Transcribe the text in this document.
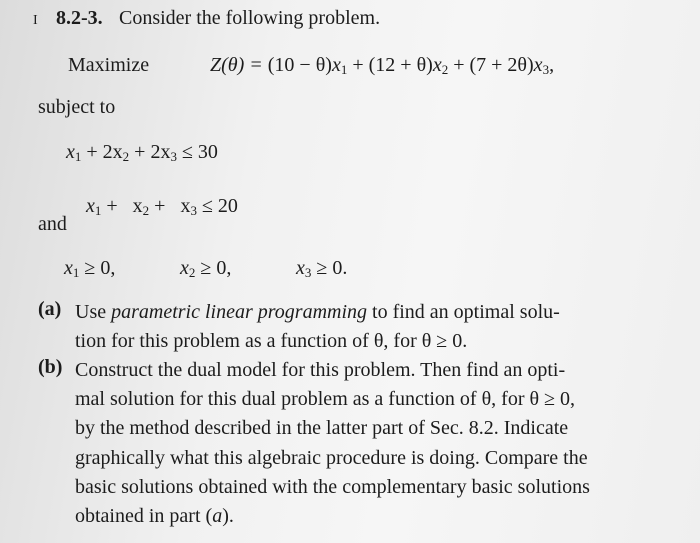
I 8.2-3. Consider the following problem.
Maximize	$Z(\theta) = (10 - \theta)x_1 + (12 + \theta)x_2 + (7 + 2\theta)x_3$,
subject to
$x_1 + 2x_2 + 2x_3 \le 30$

$x_1 + x_2 + x_3 \le 20$

and
$x_1 \ge 0$,	$x_2 \ge 0$,	$x_3 \ge 0$.
(a) Use parametric linear programming to find an optimal solu-
tion for this problem as a function of θ, for θ ≥ 0.
(b) Construct the dual model for this problem. Then find an opti-
mal solution for this dual problem as a function of θ, for θ ≥ 0,
by the method described in the latter part of Sec. 8.2. Indicate
graphically what this algebraic procedure is doing. Compare the
basic solutions obtained with the complementary basic solutions
obtained in part (a).
